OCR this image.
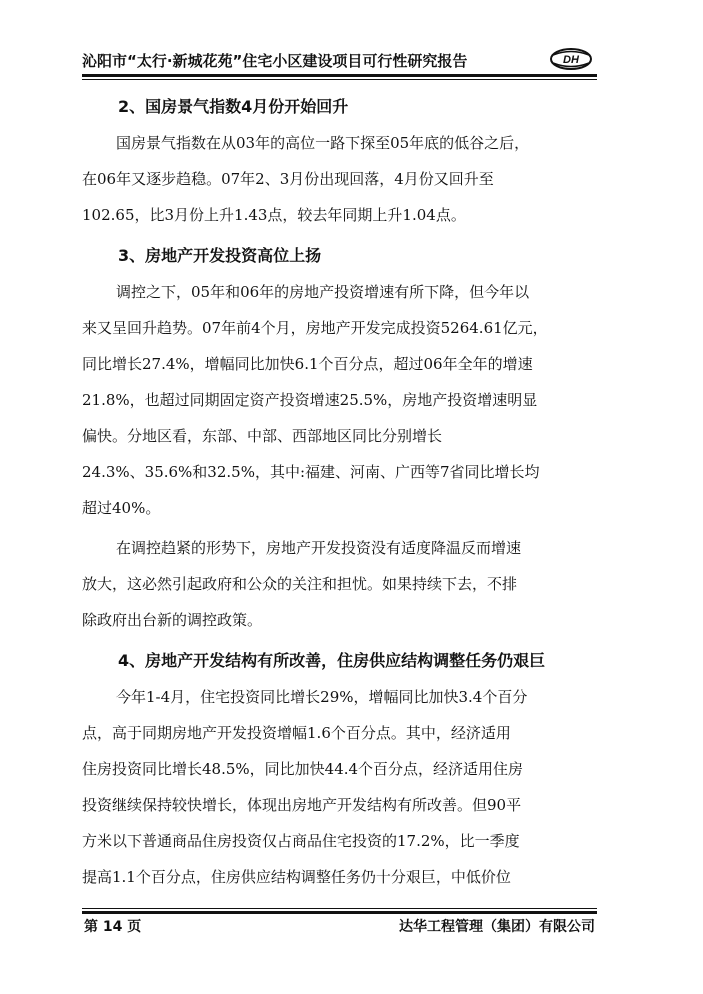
沁阳市“太行·新城花苑”住宅小区建设项目可行性研究报告	DH
2、国房景气指数4月份开始回升
国房景气指数在从03年的高位一路下探至05年底的低谷之后，
在06年又逐步趋稳。07年2、3月份出现回落，4月份又回升至
102.65，比3月份上升1.43点，较去年同期上升1.04点。
3、房地产开发投资高位上扬
调控之下，05年和06年的房地产投资增速有所下降，但今年以
来又呈回升趋势。07年前4个月，房地产开发完成投资5264.61亿元，
同比增长27.4%，增幅同比加快6.1个百分点，超过06年全年的增速
21.8%，也超过同期固定资产投资增速25.5%，房地产投资增速明显
偏快。分地区看，东部、中部、西部地区同比分别增长
24.3%、35.6%和32.5%，其中:福建、河南、广西等7省同比增长均
超过40%。
在调控趋紧的形势下，房地产开发投资没有适度降温反而增速
放大，这必然引起政府和公众的关注和担忧。如果持续下去，不排
除政府出台新的调控政策。
4、房地产开发结构有所改善，住房供应结构调整任务仍艰巨
今年1-4月，住宅投资同比增长29%，增幅同比加快3.4个百分
点，高于同期房地产开发投资增幅1.6个百分点。其中，经济适用
住房投资同比增长48.5%，同比加快44.4个百分点，经济适用住房
投资继续保持较快增长，体现出房地产开发结构有所改善。但90平
方米以下普通商品住房投资仅占商品住宅投资的17.2%，比一季度
提高1.1个百分点，住房供应结构调整任务仍十分艰巨，中低价位
第 14 页	达华工程管理（集团）有限公司
